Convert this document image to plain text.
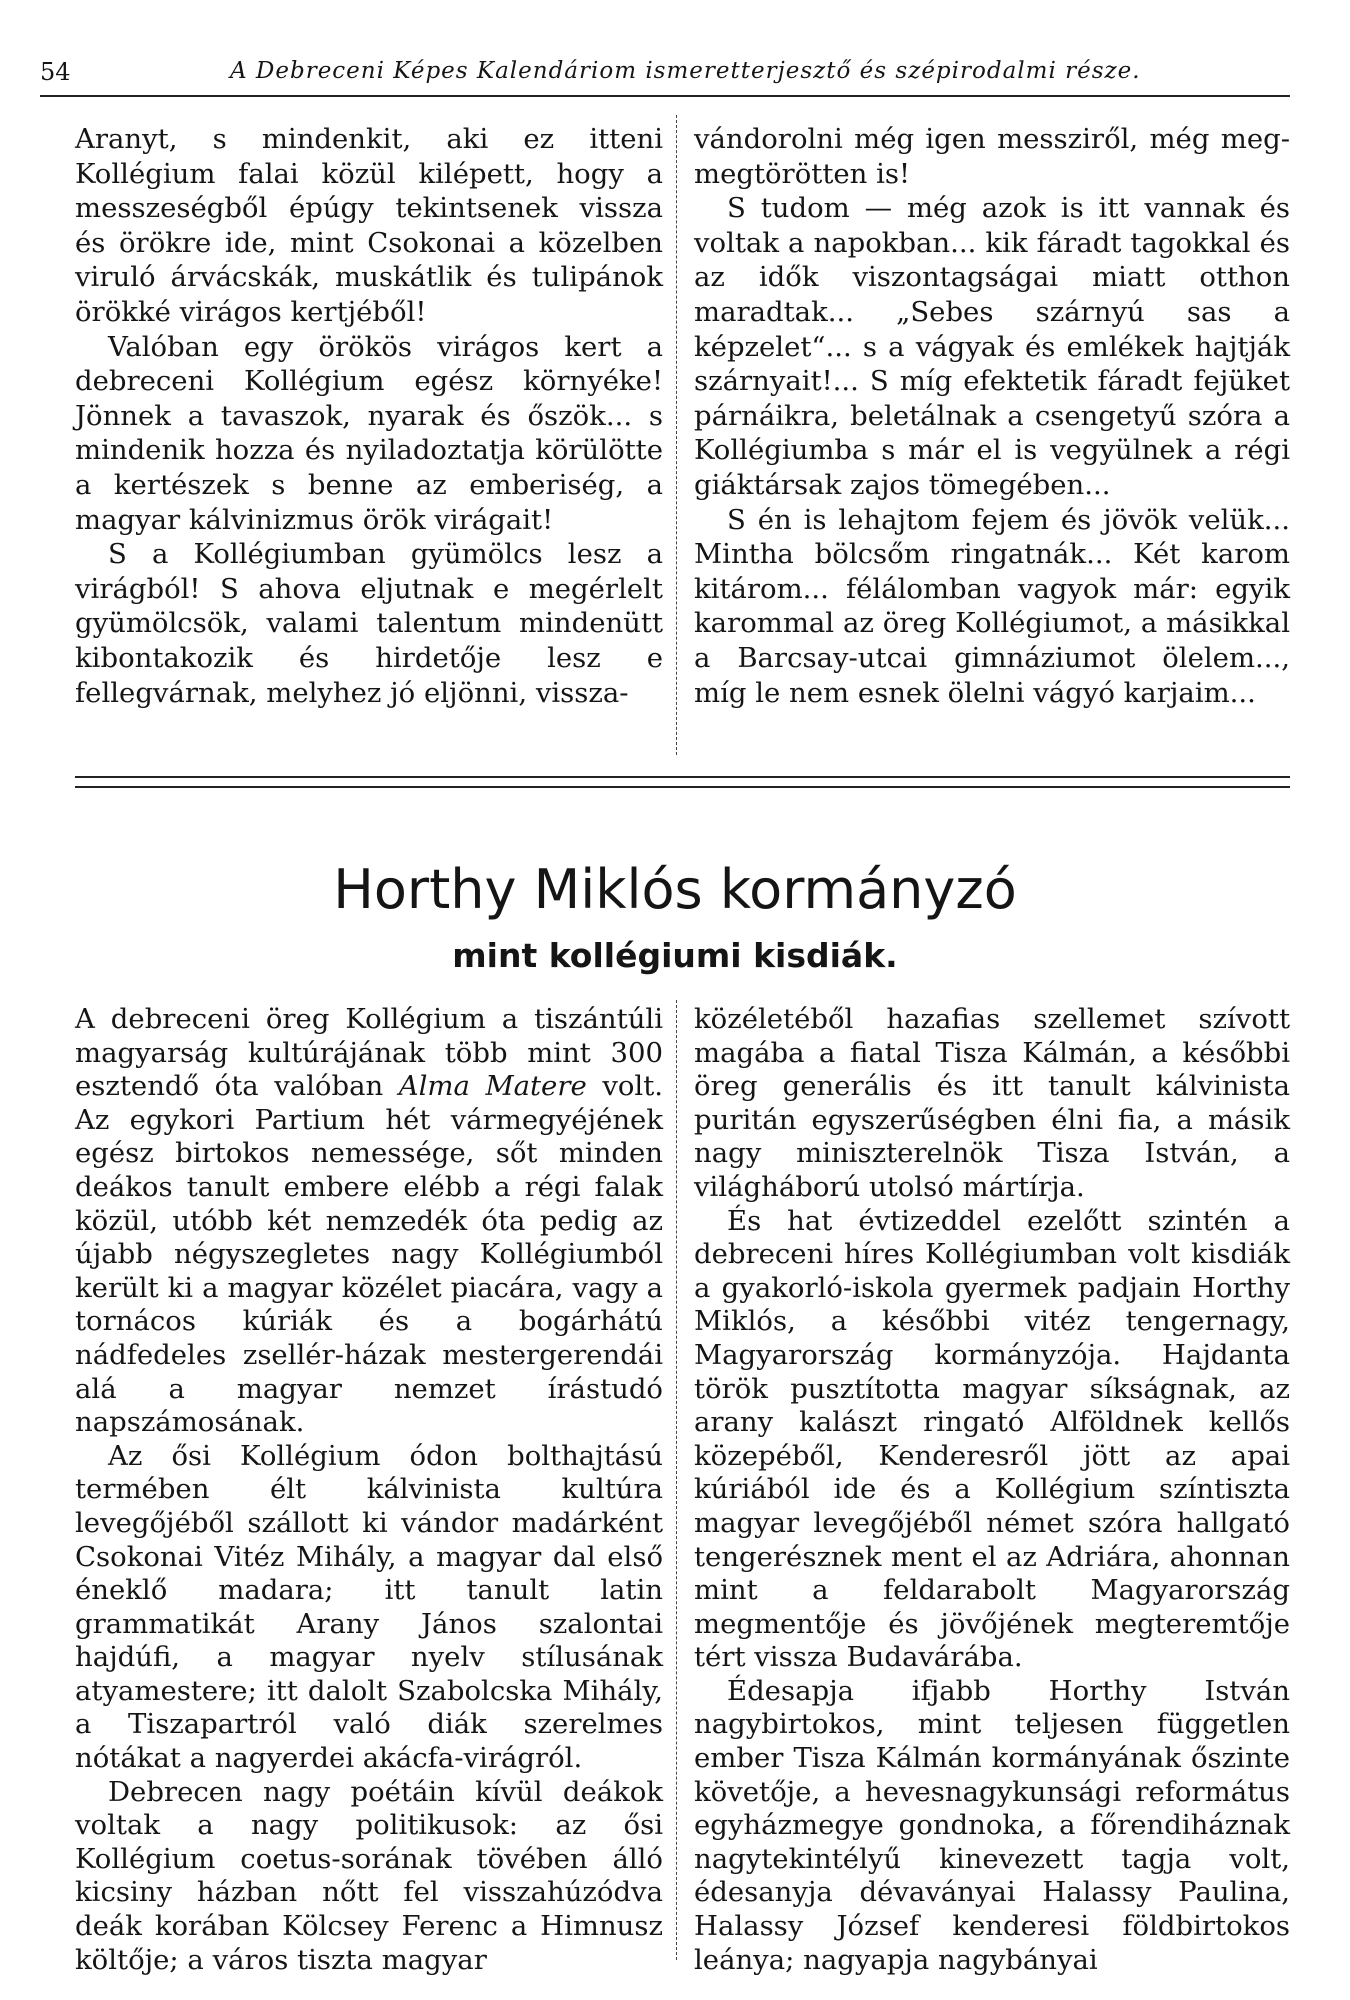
54	A Debreceni Képes Kalendáriom ismeretterjesztő és szépirodalmi része.

Aranyt, s mindenkit, aki ez itteni Kollégium falai közül kilépett, hogy a messzeségből épúgy tekintsenek vissza és örökre ide, mint Csokonai a közelben viruló árvácskák, muskátlik és tulipánok örökké virágos kertjéből!

Valóban egy örökös virágos kert a debreceni Kollégium egész környéke! Jönnek a tavaszok, nyarak és őszök... s mindenik hozza és nyiladoztatja körülötte a kertészek s benne az emberiség, a magyar kálvinizmus örök virágait!

S a Kollégiumban gyümölcs lesz a virágból! S ahova eljutnak e megérlelt gyümölcsök, valami talentum mindenütt kibontakozik és hirdetője lesz e fellegvárnak, melyhez jó eljönni, vissza-

vándorolni még igen messziről, még meg-megtörötten is!

S tudom — még azok is itt vannak és voltak a napokban... kik fáradt tagokkal és az idők viszontagságai miatt otthon maradtak... „Sebes szárnyú sas a képzelet“... s a vágyak és emlékek hajtják szárnyait!... S míg efektetik fáradt fejüket párnáikra, beletálnak a csengetyű szóra a Kollégiumba s már el is vegyülnek a régi giáktársak zajos tömegében...

S én is lehajtom fejem és jövök velük... Mintha bölcsőm ringatnák... Két karom kitárom... félálomban vagyok már: egyik karommal az öreg Kollégiumot, a másikkal a Barcsay-utcai gimnáziumot ölelem..., míg le nem esnek ölelni vágyó karjaim...

Horthy Miklós kormányzó
mint kollégiumi kisdiák.

A debreceni öreg Kollégium a tiszántúli magyarság kultúrájának több mint 300 esztendő óta valóban Alma Matere volt. Az egykori Partium hét vármegyéjének egész birtokos nemessége, sőt minden deákos tanult embere elébb a régi falak közül, utóbb két nemzedék óta pedig az újabb négyszegletes nagy Kollégiumból került ki a magyar közélet piacára, vagy a tornácos kúriák és a bogárhátú nádfedeles zsellér-házak mestergerendái alá a magyar nemzet írástudó napszámosának.

Az ősi Kollégium ódon bolthajtású termében élt kálvinista kultúra levegőjéből szállott ki vándor madárként Csokonai Vitéz Mihály, a magyar dal első éneklő madara; itt tanult latin grammatikát Arany János szalontai hajdúfi, a magyar nyelv stílusának atyamestere; itt dalolt Szabolcska Mihály, a Tiszapartról való diák szerelmes nótákat a nagyerdei akácfa-virágról.

Debrecen nagy poétáin kívül deákok voltak a nagy politikusok: az ősi Kollégium coetus-sorának tövében álló kicsiny házban nőtt fel visszahúzódva deák korában Kölcsey Ferenc a Himnusz költője; a város tiszta magyar

közéletéből hazafias szellemet szívott magába a fiatal Tisza Kálmán, a későbbi öreg generális és itt tanult kálvinista puritán egyszerűségben élni fia, a másik nagy miniszterelnök Tisza István, a világháború utolsó mártírja.

És hat évtizeddel ezelőtt szintén a debreceni híres Kollégiumban volt kisdiák a gyakorló-iskola gyermek padjain Horthy Miklós, a későbbi vitéz tengernagy, Magyarország kormányzója. Hajdanta török pusztította magyar síkságnak, az arany kalászt ringató Alföldnek kellős közepéből, Kenderesről jött az apai kúriából ide és a Kollégium színtiszta magyar levegőjéből német szóra hallgató tengerésznek ment el az Adriára, ahonnan mint a feldarabolt Magyarország megmentője és jövőjének megteremtője tért vissza Budavárába.

Édesapja ifjabb Horthy István nagybirtokos, mint teljesen független ember Tisza Kálmán kormányának őszinte követője, a hevesnagykunsági református egyházmegye gondnoka, a főrendiháznak nagytekintélyű kinevezett tagja volt, édesanyja dévaványai Halassy Paulina, Halassy József kenderesi földbirtokos leánya; nagyapja nagybányai
